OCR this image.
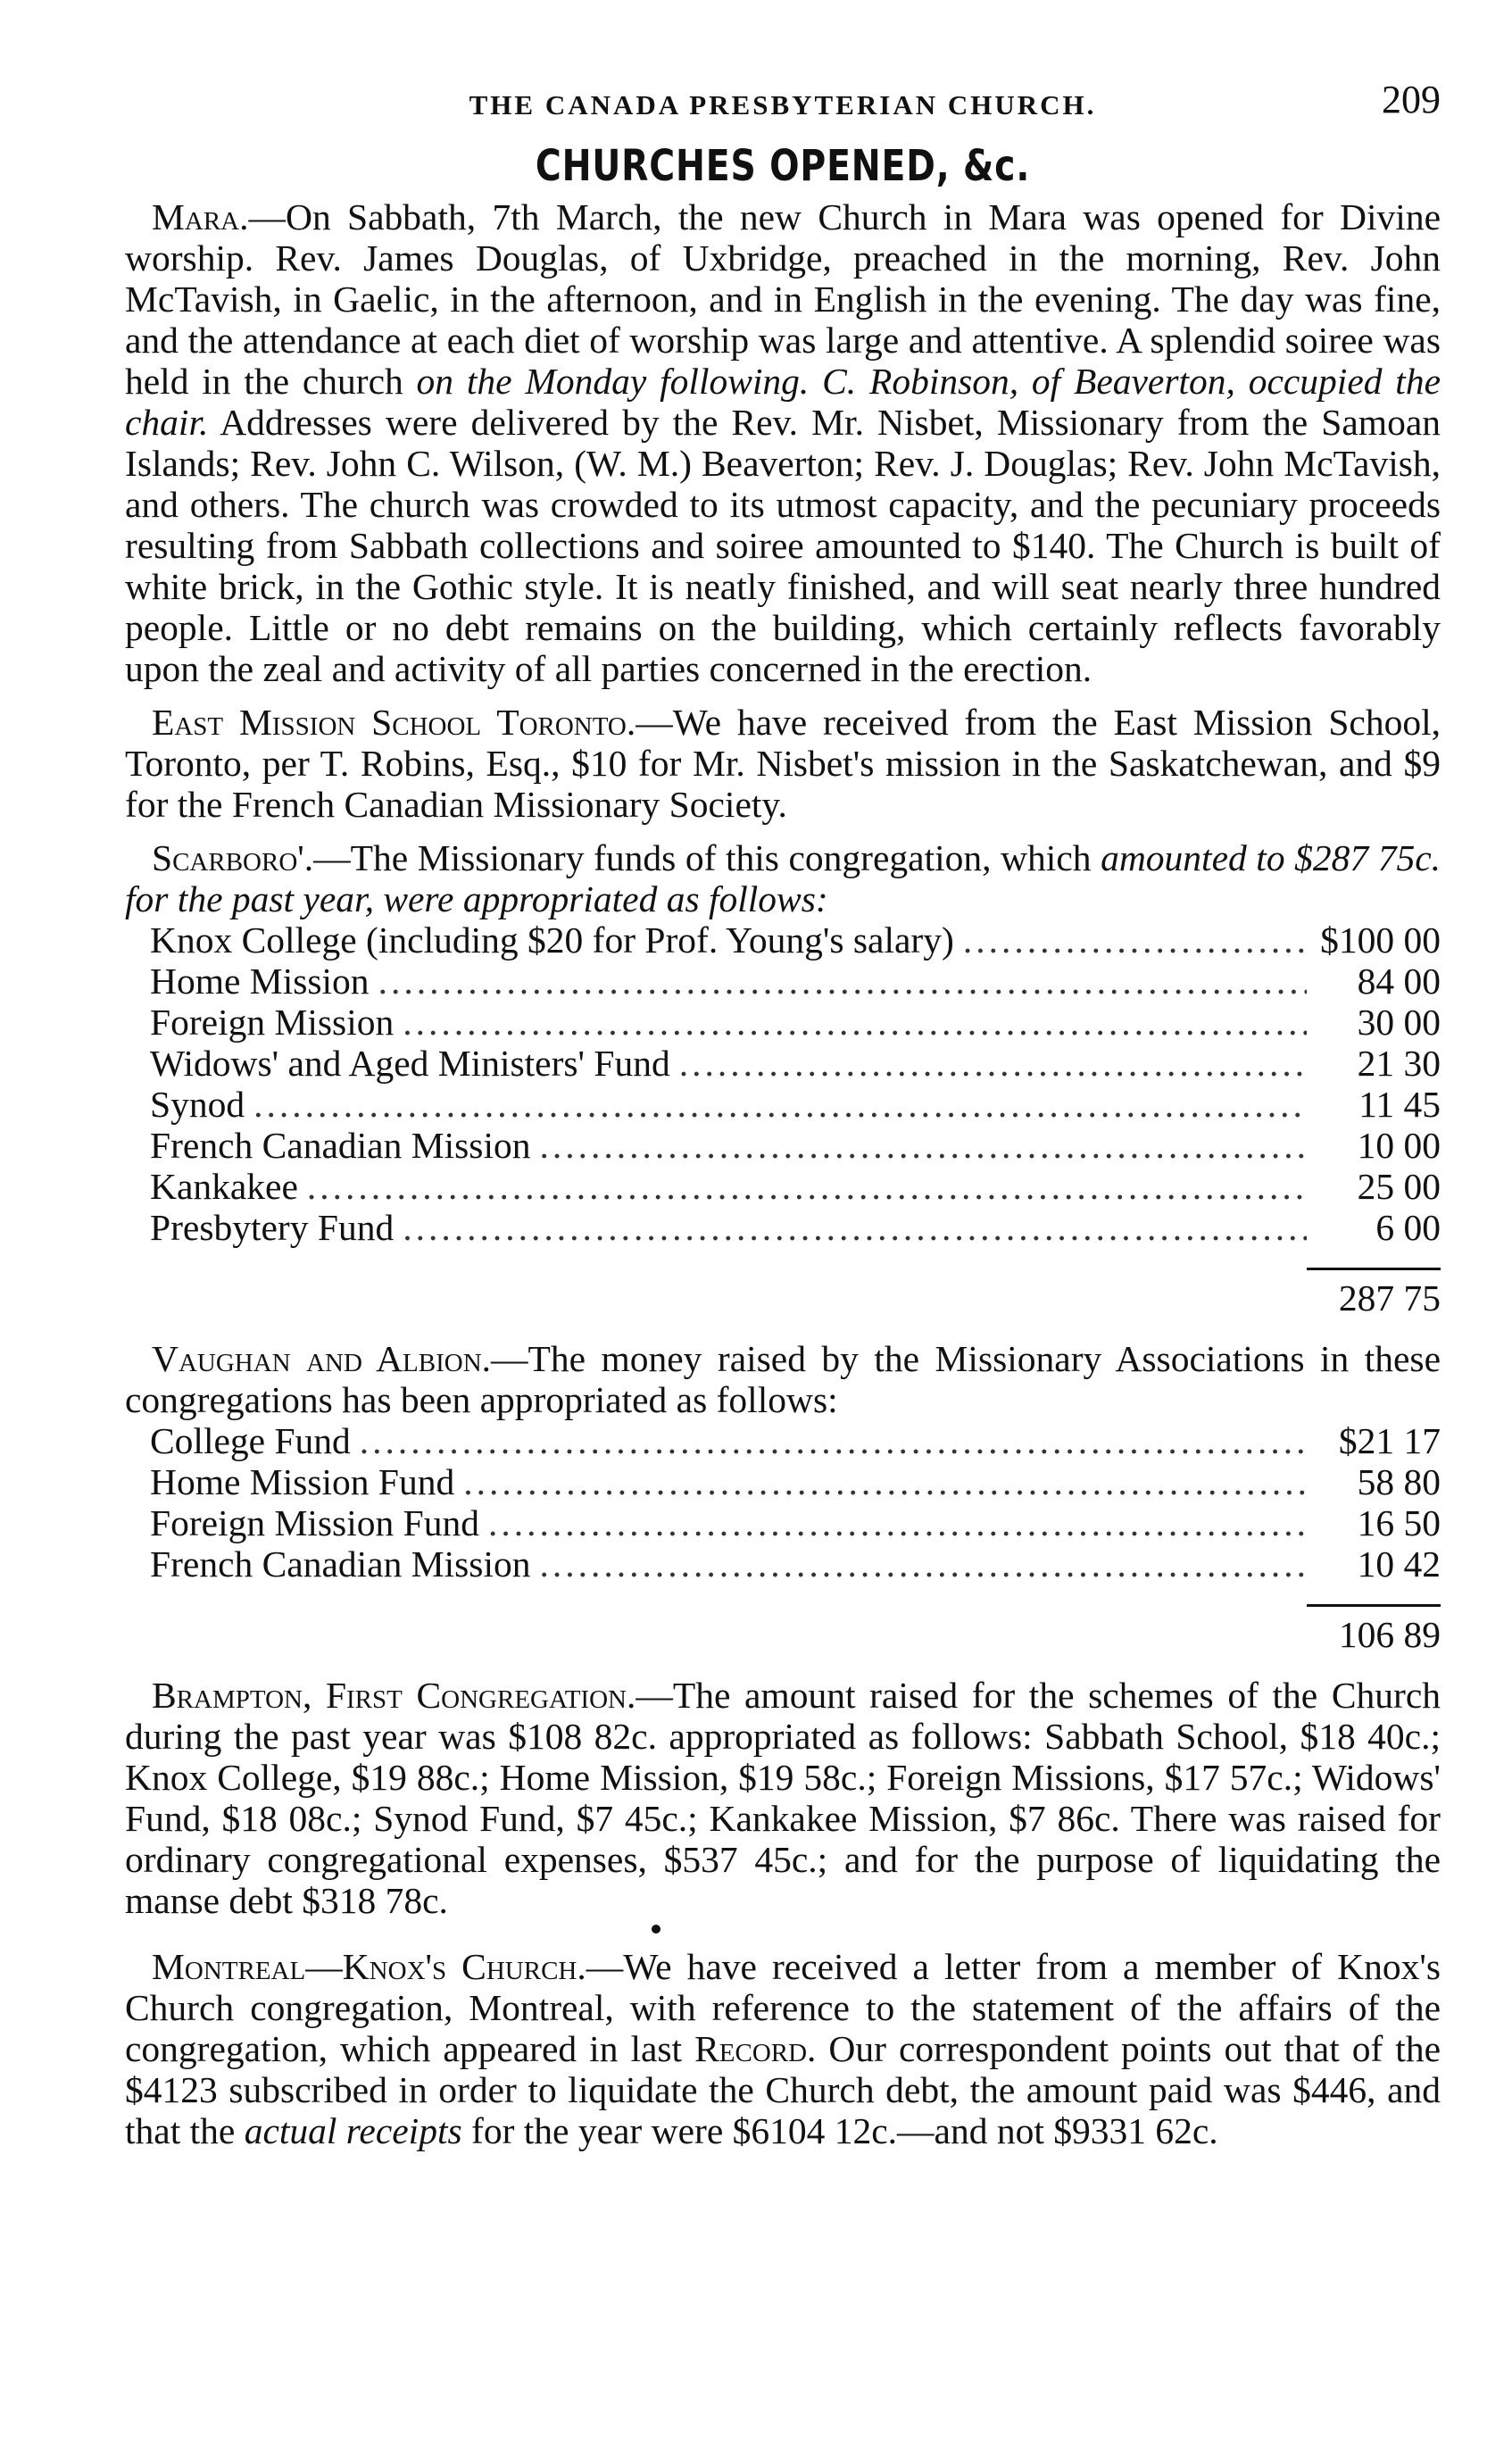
THE CANADA PRESBYTERIAN CHURCH.	209
CHURCHES OPENED, &c.

Mara.—On Sabbath, 7th March, the new Church in Mara was opened for Divine worship. Rev. James Douglas, of Uxbridge, preached in the morning, Rev. John McTavish, in Gaelic, in the afternoon, and in English in the evening. The day was fine, and the attendance at each diet of worship was large and attentive. A splendid soiree was held in the church on the Monday following. C. Robinson, of Beaverton, occupied the chair. Addresses were delivered by the Rev. Mr. Nisbet, Missionary from the Samoan Islands; Rev. John C. Wilson, (W. M.) Beaverton; Rev. J. Douglas; Rev. John McTavish, and others. The church was crowded to its utmost capacity, and the pecuniary proceeds resulting from Sabbath collections and soiree amounted to $140. The Church is built of white brick, in the Gothic style. It is neatly finished, and will seat nearly three hundred people. Little or no debt remains on the building, which certainly reflects favorably upon the zeal and activity of all parties concerned in the erection.

East Mission School Toronto.—We have received from the East Mission School, Toronto, per T. Robins, Esq., $10 for Mr. Nisbet's mission in the Saskatchewan, and $9 for the French Canadian Missionary Society.

Scarboro'.—The Missionary funds of this congregation, which amounted to $287 75c. for the past year, were appropriated as follows:

Knox College (including $20 for Prof. Young's salary) .....	$100 00
Home Mission .....	84 00
Foreign Mission .....	30 00
Widows' and Aged Ministers' Fund .....	21 30
Synod .....	11 45
French Canadian Mission .....	10 00
Kankakee .....	25 00
Presbytery Fund .....	6 00
287 75

Vaughan and Albion.—The money raised by the Missionary Associations in these congregations has been appropriated as follows:

College Fund .....	$21 17
Home Mission Fund .....	58 80
Foreign Mission Fund .....	16 50
French Canadian Mission .....	10 42
106 89

Brampton, First Congregation.—The amount raised for the schemes of the Church during the past year was $108 82c. appropriated as follows: Sabbath School, $18 40c.; Knox College, $19 88c.; Home Mission, $19 58c.; Foreign Missions, $17 57c.; Widows' Fund, $18 08c.; Synod Fund, $7 45c.; Kankakee Mission, $7 86c. There was raised for ordinary congregational expenses, $537 45c.; and for the purpose of liquidating the manse debt $318 78c.

Montreal—Knox's Church.—We have received a letter from a member of Knox's Church congregation, Montreal, with reference to the statement of the affairs of the congregation, which appeared in last Record. Our correspondent points out that of the $4123 subscribed in order to liquidate the Church debt, the amount paid was $446, and that the actual receipts for the year were $6104 12c.—and not $9331 62c.
